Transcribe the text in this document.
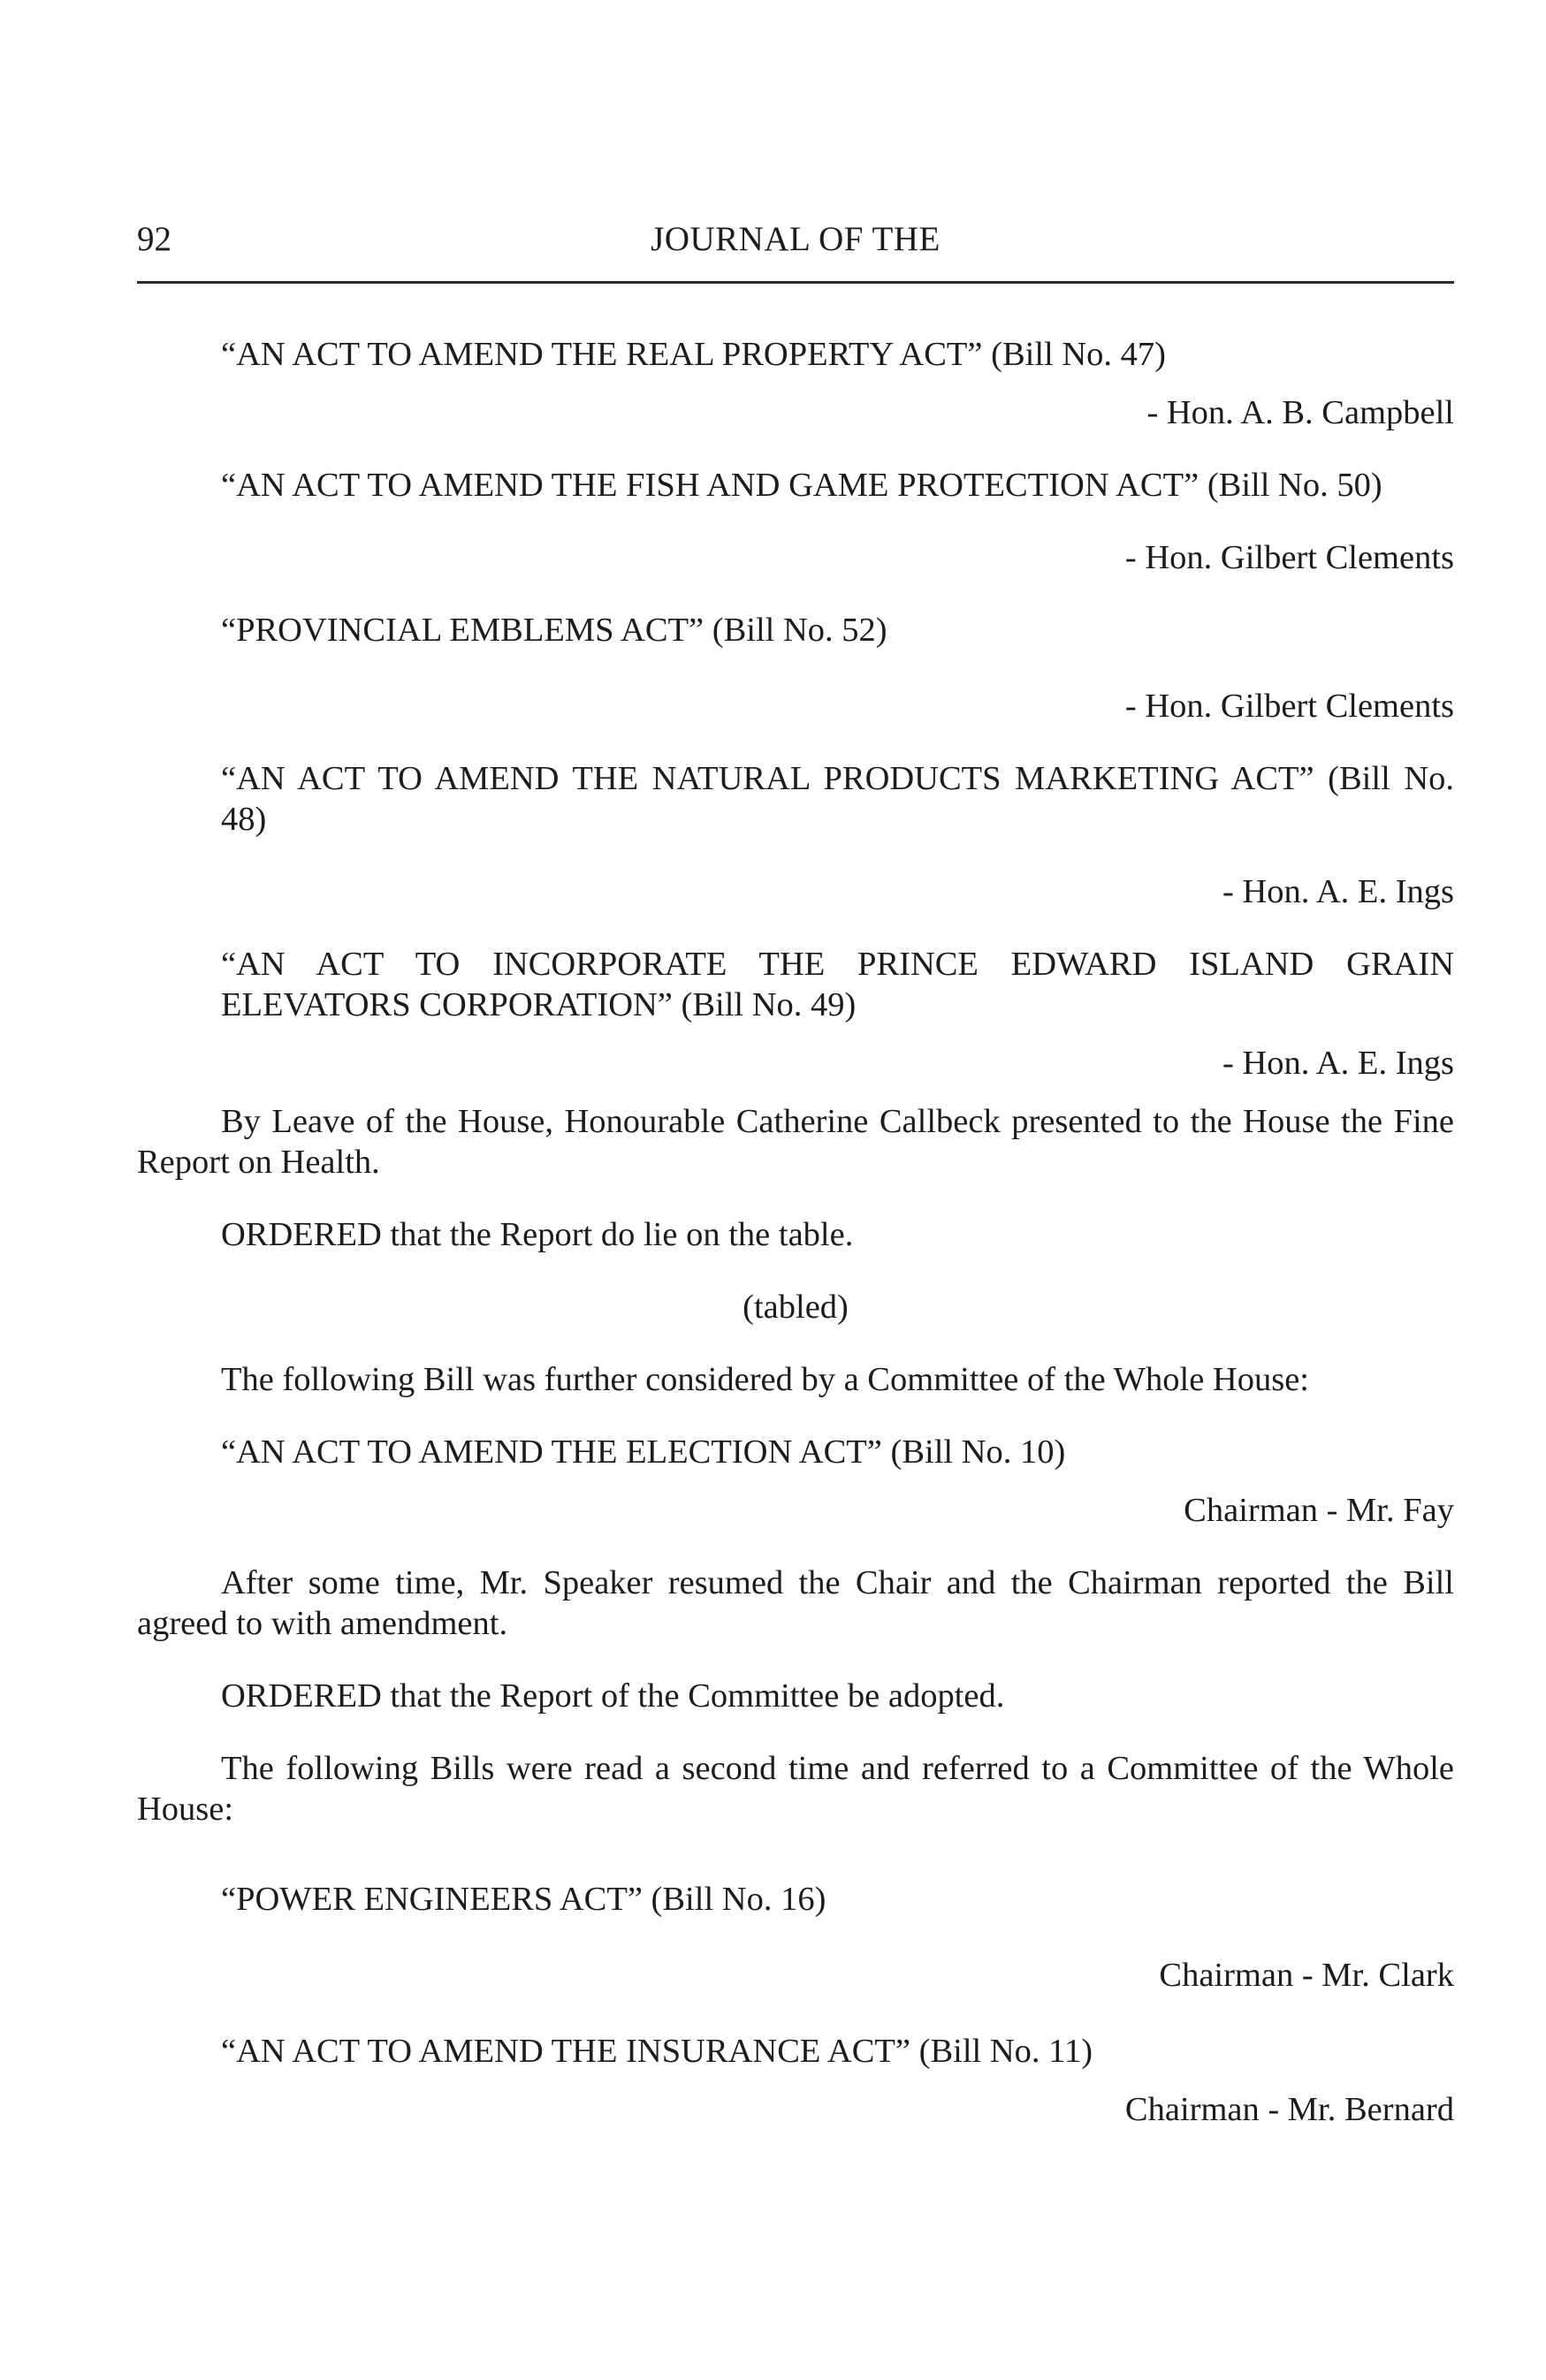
JOURNAL OF THE
92

“AN ACT TO AMEND THE REAL PROPERTY ACT” (Bill No. 47)

- Hon. A. B. Campbell

“AN ACT TO AMEND THE FISH AND GAME PROTECTION ACT” (Bill No. 50)

- Hon. Gilbert Clements

“PROVINCIAL EMBLEMS ACT” (Bill No. 52)

- Hon. Gilbert Clements

“AN ACT TO AMEND THE NATURAL PRODUCTS MARKETING ACT” (Bill No. 48)

- Hon. A. E. Ings

“AN ACT TO INCORPORATE THE PRINCE EDWARD ISLAND GRAIN ELEVATORS CORPORATION” (Bill No. 49)

- Hon. A. E. Ings

By Leave of the House, Honourable Catherine Callbeck presented to the House the Fine Report on Health.

ORDERED that the Report do lie on the table.

(tabled)

The following Bill was further considered by a Committee of the Whole House:

“AN ACT TO AMEND THE ELECTION ACT” (Bill No. 10)

Chairman - Mr. Fay

After some time, Mr. Speaker resumed the Chair and the Chairman reported the Bill agreed to with amendment.

ORDERED that the Report of the Committee be adopted.

The following Bills were read a second time and referred to a Committee of the Whole House:

“POWER ENGINEERS ACT” (Bill No. 16)

Chairman - Mr. Clark

“AN ACT TO AMEND THE INSURANCE ACT” (Bill No. 11)

Chairman - Mr. Bernard
